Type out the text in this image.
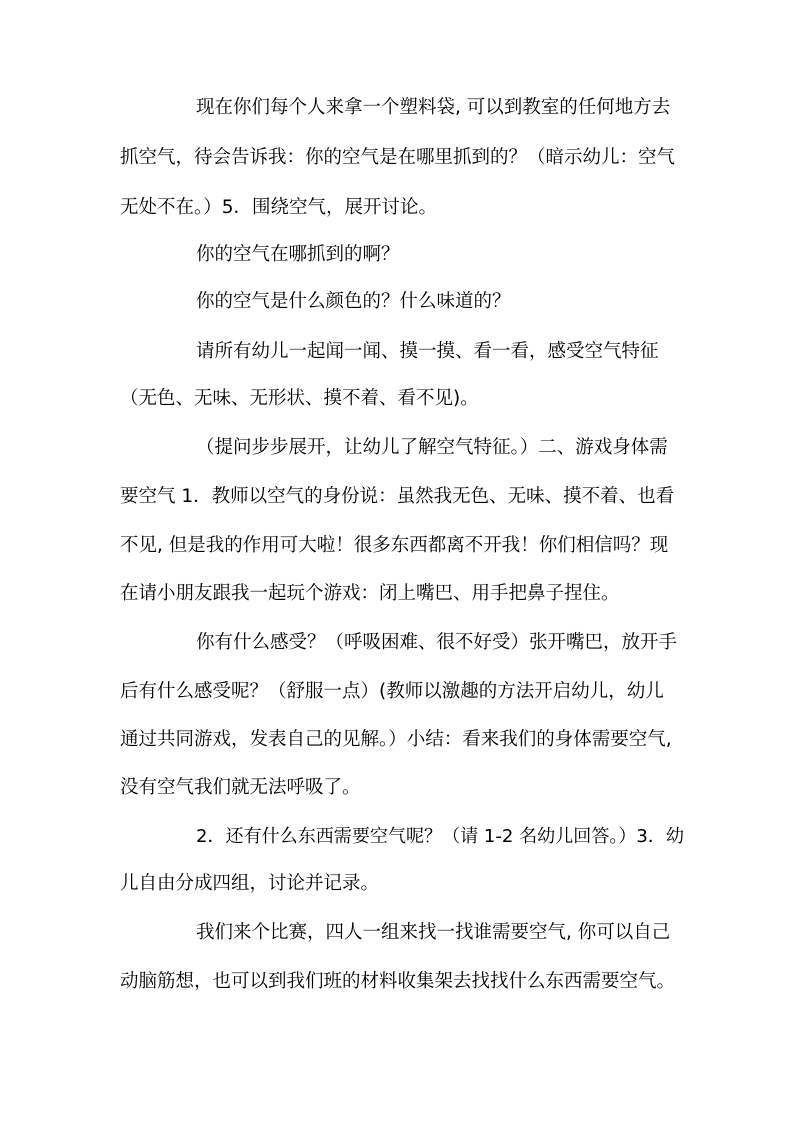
现在你们每个人来拿一个塑料袋, 可以到教室的任何地方去
抓空气，待会告诉我：你的空气是在哪里抓到的？（暗示幼儿：空气
无处不在。）5．围绕空气，展开讨论。
你的空气在哪抓到的啊？
你的空气是什么颜色的？什么味道的？
请所有幼儿一起闻一闻、摸一摸、看一看，感受空气特征
（无色、无味、无形状、摸不着、看不见)。
（提问步步展开，让幼儿了解空气特征。）二、游戏身体需
要空气 1．教师以空气的身份说：虽然我无色、无味、摸不着、也看
不见, 但是我的作用可大啦！很多东西都离不开我！你们相信吗？现
在请小朋友跟我一起玩个游戏：闭上嘴巴、用手把鼻子捏住。
你有什么感受？（呼吸困难、很不好受）张开嘴巴，放开手
后有什么感受呢？（舒服一点）(教师以激趣的方法开启幼儿，幼儿
通过共同游戏，发表自己的见解。）小结：看来我们的身体需要空气,
没有空气我们就无法呼吸了。
2．还有什么东西需要空气呢？（请 1-2 名幼儿回答。）3．幼
儿自由分成四组，讨论并记录。
我们来个比赛，四人一组来找一找谁需要空气, 你可以自己
动脑筋想，也可以到我们班的材料收集架去找找什么东西需要空气。
